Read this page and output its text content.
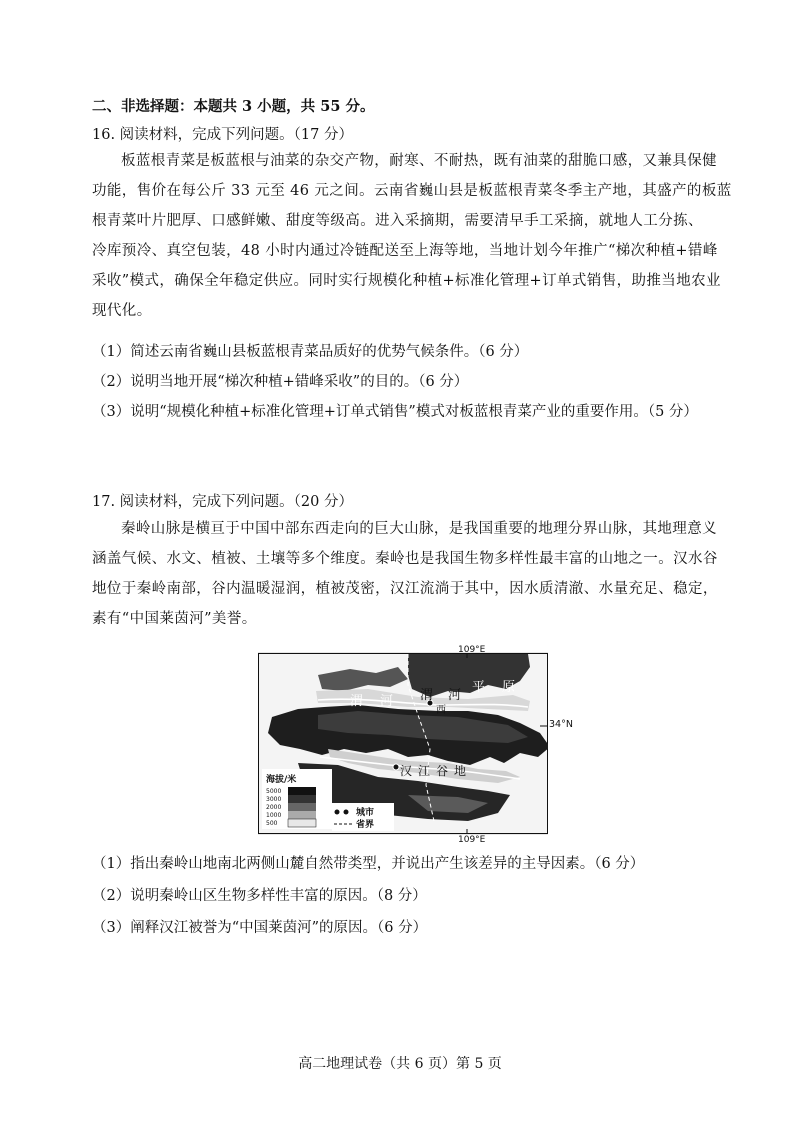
二、非选择题：本题共 3 小题，共 55 分。
16. 阅读材料，完成下列问题。（17 分）
板蓝根青菜是板蓝根与油菜的杂交产物，耐寒、不耐热，既有油菜的甜脆口感，又兼具保健
功能，售价在每公斤 33 元至 46 元之间。云南省巍山县是板蓝根青菜冬季主产地，其盛产的板蓝
根青菜叶片肥厚、口感鲜嫩、甜度等级高。进入采摘期，需要清早手工采摘，就地人工分拣、
冷库预冷、真空包装，48 小时内通过冷链配送至上海等地，当地计划今年推广“梯次种植+错峰
采收”模式，确保全年稳定供应。同时实行规模化种植+标准化管理+订单式销售，助推当地农业
现代化。
（1）简述云南省巍山县板蓝根青菜品质好的优势气候条件。（6 分）
（2）说明当地开展“梯次种植+错峰采收”的目的。（6 分）
（3）说明“规模化种植+标准化管理+订单式销售”模式对板蓝根青菜产业的重要作用。（5 分）
17. 阅读材料，完成下列问题。（20 分）
秦岭山脉是横亘于中国中部东西走向的巨大山脉，是我国重要的地理分界山脉，其地理意义
涵盖气候、水文、植被、土壤等多个维度。秦岭也是我国生物多样性最丰富的山地之一。汉水谷
地位于秦岭南部，谷内温暖湿润，植被茂密，汉江流淌于其中，因水质清澈、水量充足、稳定，
素有“中国莱茵河”美誉。
渭 河 渭 河
平 原
西
汉 江 谷 地
109°E
109°E
海拔/米
5000
3000
2000
1000
500
城市
省界
34°N
（1）指出秦岭山地南北两侧山麓自然带类型，并说出产生该差异的主导因素。（6 分）
（2）说明秦岭山区生物多样性丰富的原因。（8 分）
（3）阐释汉江被誉为“中国莱茵河”的原因。（6 分）
高二地理试卷（共 6 页）第 5 页
